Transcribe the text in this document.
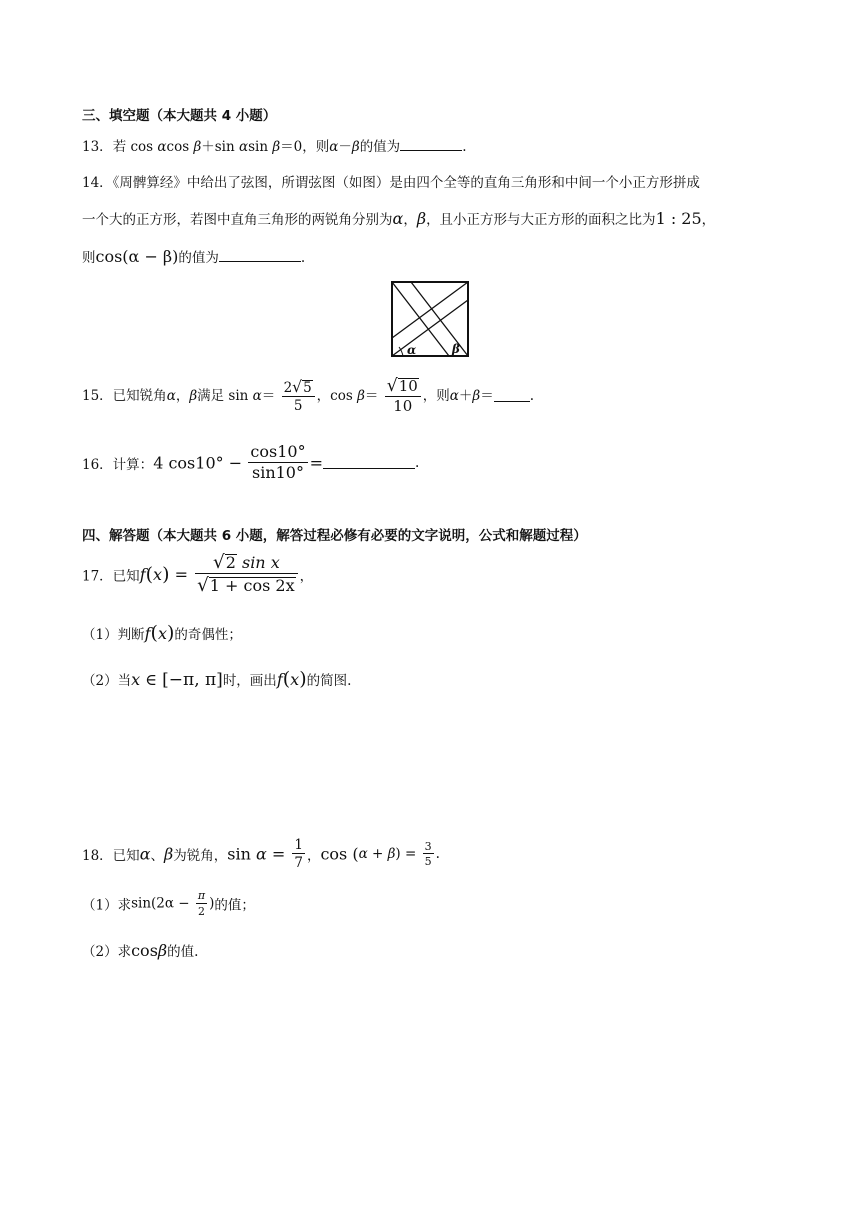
三、填空题（本大题共 4 小题）
13．若 cos αcos β＋sin αsin β＝0，则α－β的值为	.
14．《周髀算经》中给出了弦图，所谓弦图（如图）是由四个全等的直角三角形和中间一个小正方形拼成
一个大的正方形，若图中直角三角形的两锐角分别为α，β，且小正方形与大正方形的面积之比为1 : 25，
则cos(α − β)的值为	.
α	β
15．已知锐角α，β满足 $\sin \alpha= \frac{2√5}{5}$ ，$\cos \beta= \frac{√10}{10}$ ，则α＋β＝	.
16．计算：4 $\cos 10^\circ - \frac{\cos 10^\circ}{\sin 10^\circ}$ =	.
四、解答题（本大题共 6 小题，解答过程必修有必要的文字说明，公式和解题过程）
17．已知$f(x) = \frac{\text{√2 sin x}}{√1 + \cos 2x}$ ，
（1）判断f(x)的奇偶性；
（2）当x ∈ [−π, π]时，画出f(x)的简图.
18．已知α、β为锐角，$\sin \alpha = \frac{1}{7}$ ，$\cos (\alpha + \beta) = \frac{3}{5}$ .
（1）求$\sin(2\alpha - \frac{\pi}{2}$ )的值；
（2）求cosβ的值.
